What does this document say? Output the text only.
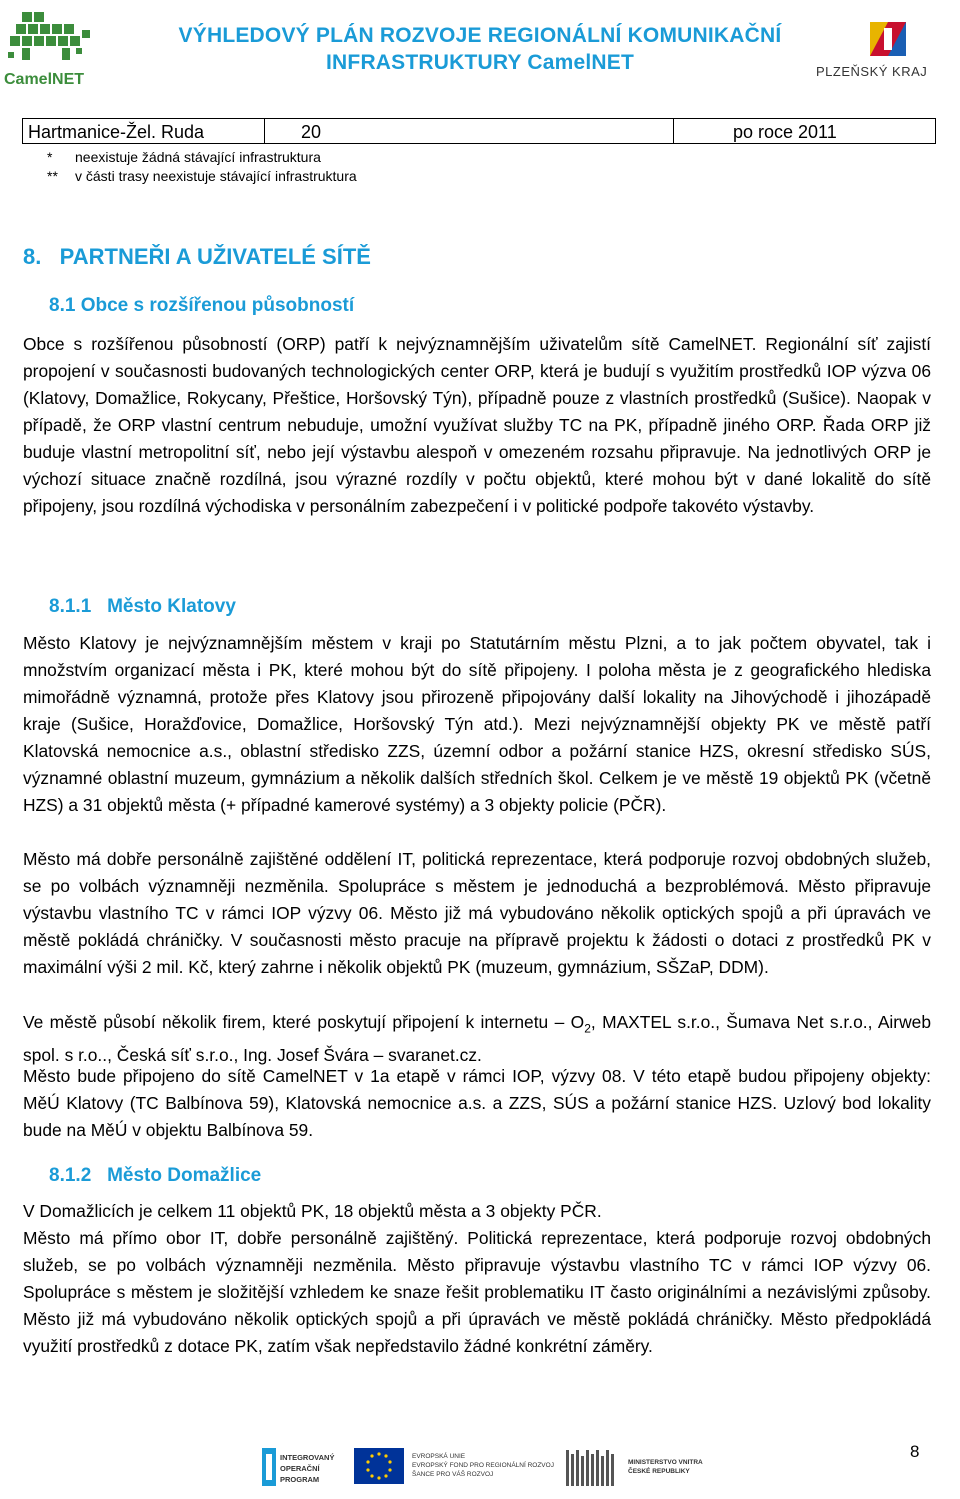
CamelNET
VÝHLEDOVÝ PLÁN ROZVOJE REGIONÁLNÍ KOMUNIKAČNÍ
INFRASTRUKTURY CamelNET	PLZEŇSKÝ KRAJ
Hartmanice-Žel. Ruda	20	po roce 2011
* neexistuje žádná stávající infrastruktura
** v části trasy neexistuje stávající infrastruktura
8.   PARTNEŘI A UŽIVATELÉ SÍTĚ
8.1 Obce s rozšířenou působností
Obce s rozšířenou působností (ORP) patří k nejvýznamnějším uživatelům sítě CamelNET. Regionální síť zajistí propojení v současnosti budovaných technologických center ORP, která je budují s využitím prostředků IOP výzva 06 (Klatovy, Domažlice, Rokycany, Přeštice, Horšovský Týn), případně pouze z vlastních prostředků (Sušice). Naopak v případě, že ORP vlastní centrum nebuduje, umožní využívat služby TC na PK, případně jiného ORP. Řada ORP již buduje vlastní metropolitní síť, nebo její výstavbu alespoň v omezeném rozsahu připravuje. Na jednotlivých ORP je výchozí situace značně rozdílná, jsou výrazné rozdíly v počtu objektů, které mohou být v dané lokalitě do sítě připojeny, jsou rozdílná východiska v personálním zabezpečení i v politické podpoře takovéto výstavby.
8.1.1   Město Klatovy
Město Klatovy je nejvýznamnějším městem v kraji po Statutárním městu Plzni, a to jak počtem obyvatel, tak i množstvím organizací města i PK, které mohou být do sítě připojeny. I poloha města je z geografického hlediska mimořádně významná, protože přes Klatovy jsou přirozeně připojovány další lokality na Jihovýchodě i jihozápadě kraje (Sušice, Horažďovice, Domažlice, Horšovský Týn atd.). Mezi nejvýznamnější objekty PK ve městě patří Klatovská nemocnice a.s., oblastní středisko ZZS, územní odbor a požární stanice HZS, okresní středisko SÚS, významné oblastní muzeum, gymnázium a několik dalších středních škol. Celkem je ve městě 19 objektů PK (včetně HZS) a 31 objektů města (+ případné kamerové systémy) a 3 objekty policie (PČR).
Město má dobře personálně zajištěné oddělení IT, politická reprezentace, která podporuje rozvoj obdobných služeb, se po volbách významněji nezměnila. Spolupráce s městem je jednoduchá a bezproblémová. Město připravuje výstavbu vlastního TC v rámci IOP výzvy 06. Město již má vybudováno několik optických spojů a při úpravách ve městě pokládá chráničky. V současnosti město pracuje na přípravě projektu k žádosti o dotaci z prostředků PK v maximální výši 2 mil. Kč, který zahrne i několik objektů PK (muzeum, gymnázium, SŠZaP, DDM).
Ve městě působí několik firem, které poskytují připojení k internetu – $O_2$, MAXTEL s.r.o., Šumava Net s.r.o., Airweb spol. s r.o.., Česká síť s.r.o., Ing. Josef Švára – svaranet.cz.
Město bude připojeno do sítě CamelNET v 1a etapě v rámci IOP, výzvy 08. V této etapě budou připojeny objekty: MěÚ Klatovy (TC Balbínova 59), Klatovská nemocnice a.s. a ZZS, SÚS a požární stanice HZS. Uzlový bod lokality bude na MěÚ v objektu Balbínova 59.
8.1.2   Město Domažlice
V Domažlicích je celkem 11 objektů PK, 18 objektů města a 3 objekty PČR.
Město má přímo obor IT, dobře personálně zajištěný. Politická reprezentace, která podporuje rozvoj obdobných služeb, se po volbách významněji nezměnila. Město připravuje výstavbu vlastního TC v rámci IOP výzvy 06. Spolupráce s městem je složitější vzhledem ke snaze řešit problematiku IT často originálními a nezávislými způsoby. Město již má vybudováno několik optických spojů a při úpravách ve městě pokládá chráničky. Město předpokládá využití prostředků z dotace PK, zatím však nepředstavilo žádné konkrétní záměry.
INTEGROVANÝ
OPERAČNÍ
PROGRAM
EVROPSKÁ UNIE
EVROPSKÝ FOND PRO REGIONÁLNÍ ROZVOJ
ŠANCE PRO VÁŠ ROZVOJ
MINISTERSTVO VNITRA
ČESKÉ REPUBLIKY
8
